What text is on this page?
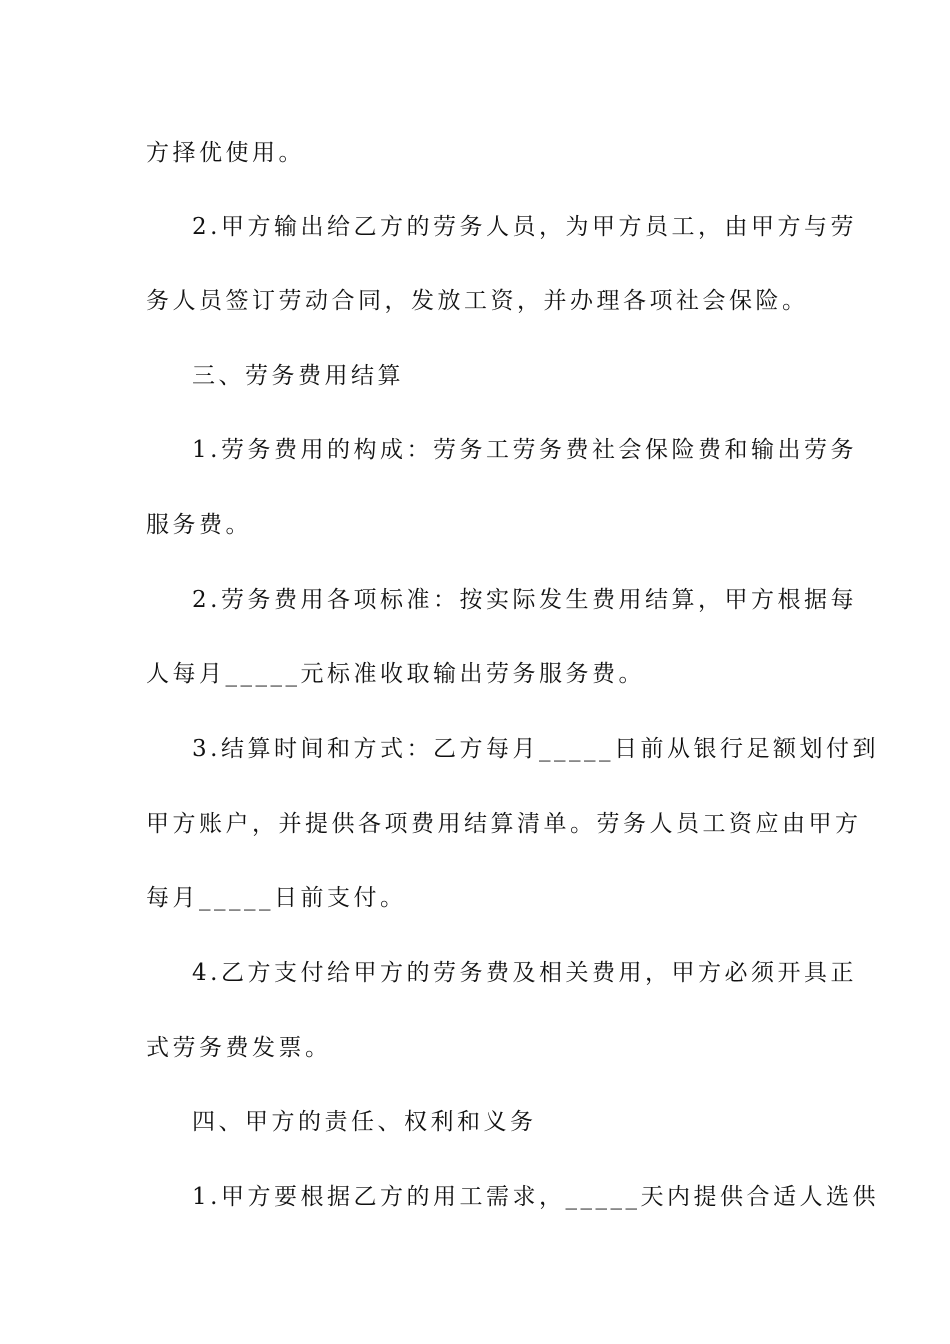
方择优使用。
2.甲方输出给乙方的劳务人员，为甲方员工，由甲方与劳
务人员签订劳动合同，发放工资，并办理各项社会保险。
三、劳务费用结算
1.劳务费用的构成：劳务工劳务费社会保险费和输出劳务
服务费。
2.劳务费用各项标准：按实际发生费用结算，甲方根据每
人每月_____元标准收取输出劳务服务费。
3.结算时间和方式：乙方每月_____日前从银行足额划付到
甲方账户，并提供各项费用结算清单。劳务人员工资应由甲方
每月_____日前支付。
4.乙方支付给甲方的劳务费及相关费用，甲方必须开具正
式劳务费发票。
四、甲方的责任、权利和义务
1.甲方要根据乙方的用工需求，_____天内提供合适人选供
